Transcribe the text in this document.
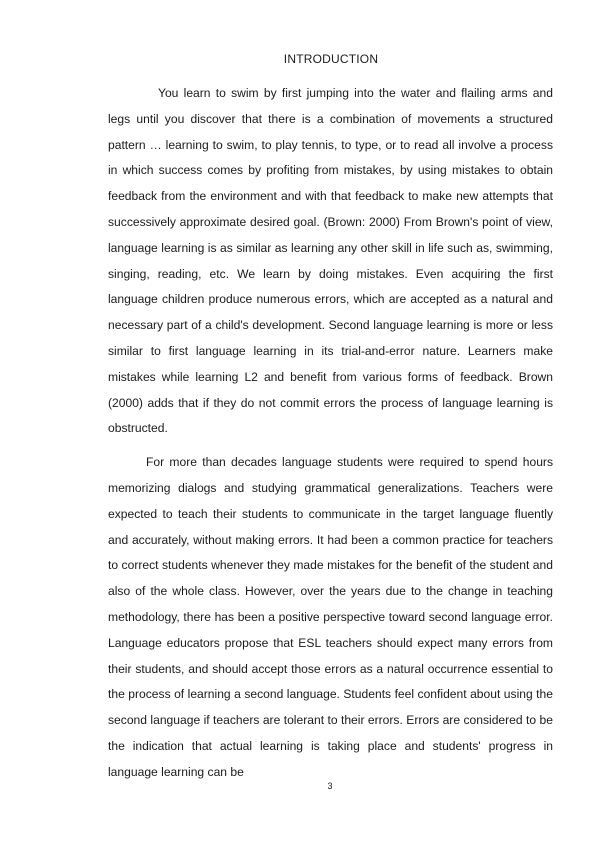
INTRODUCTION

You learn to swim by first jumping into the water and flailing arms and legs until you discover that there is a combination of movements a structured pattern … learning to swim, to play tennis, to type, or to read all involve a process in which success comes by profiting from mistakes, by using mistakes to obtain feedback from the environment and with that feedback to make new attempts that successively approximate desired goal. (Brown: 2000) From Brown's point of view, language learning is as similar as learning any other skill in life such as, swimming, singing, reading, etc. We learn by doing mistakes. Even acquiring the first language children produce numerous errors, which are accepted as a natural and necessary part of a child's development. Second language learning is more or less similar to first language learning in its trial-and-error nature. Learners make mistakes while learning L2 and benefit from various forms of feedback. Brown (2000) adds that if they do not commit errors the process of language learning is obstructed.

For more than decades language students were required to spend hours memorizing dialogs and studying grammatical generalizations. Teachers were expected to teach their students to communicate in the target language fluently and accurately, without making errors. It had been a common practice for teachers to correct students whenever they made mistakes for the benefit of the student and also of the whole class. However, over the years due to the change in teaching methodology, there has been a positive perspective toward second language error. Language educators propose that ESL teachers should expect many errors from their students, and should accept those errors as a natural occurrence essential to the process of learning a second language. Students feel confident about using the second language if teachers are tolerant to their errors. Errors are considered to be the indication that actual learning is taking place and students' progress in language learning can be

3
